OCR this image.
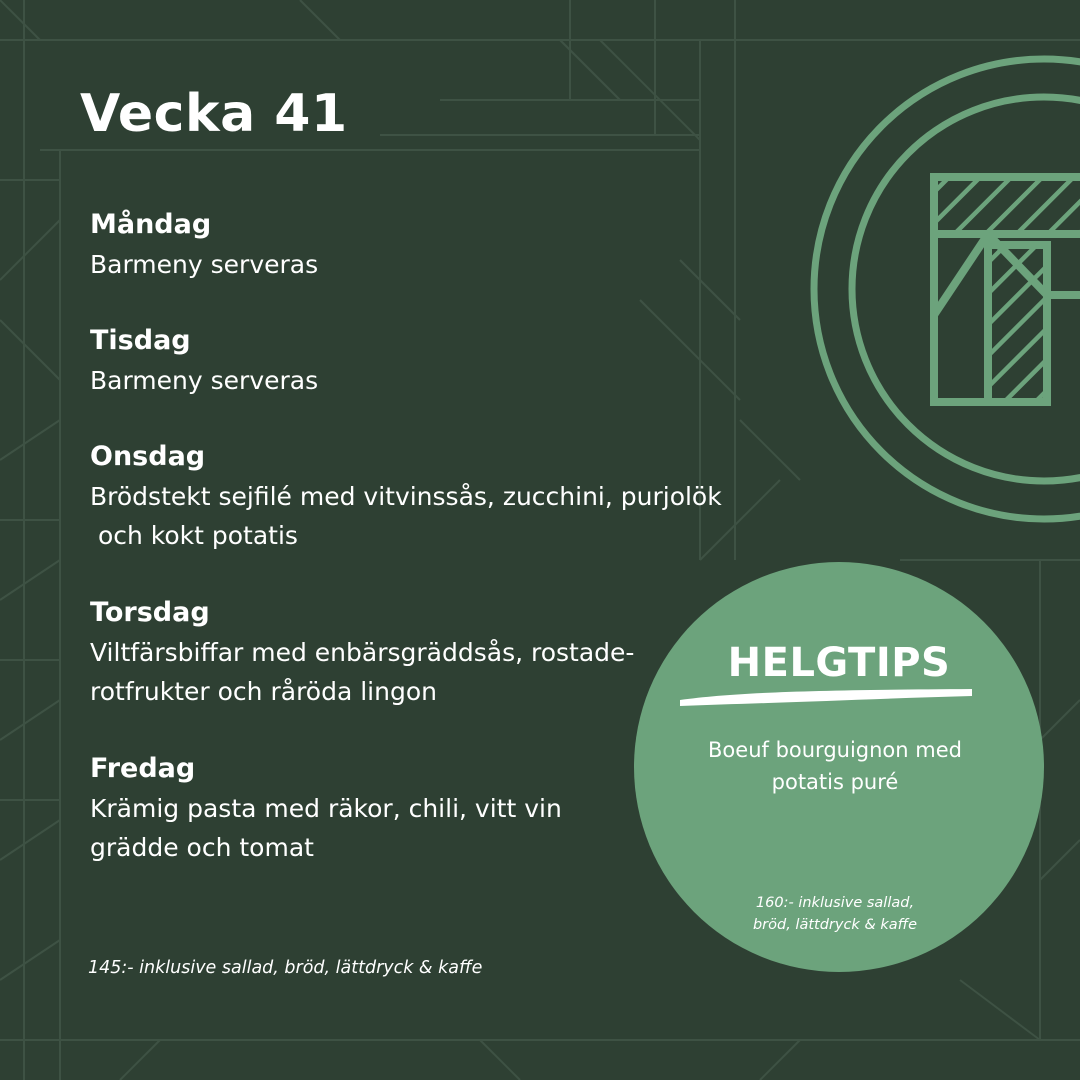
Vecka 41
Måndag
Barmeny serveras
Tisdag
Barmeny serveras
Onsdag
Brödstekt sejfilé med vitvinssås, zucchini, purjolök
och kokt potatis
Torsdag
Viltfärsbiffar med enbärsgräddsås, rostade-
rotfrukter och råröda lingon
Fredag
Krämig pasta med räkor, chili, vitt vin
grädde och tomat
145:- inklusive sallad, bröd, lättdryck & kaffe
HELGTIPS
Boeuf bourguignon med
potatis puré
160:- inklusive sallad,
bröd, lättdryck & kaffe
